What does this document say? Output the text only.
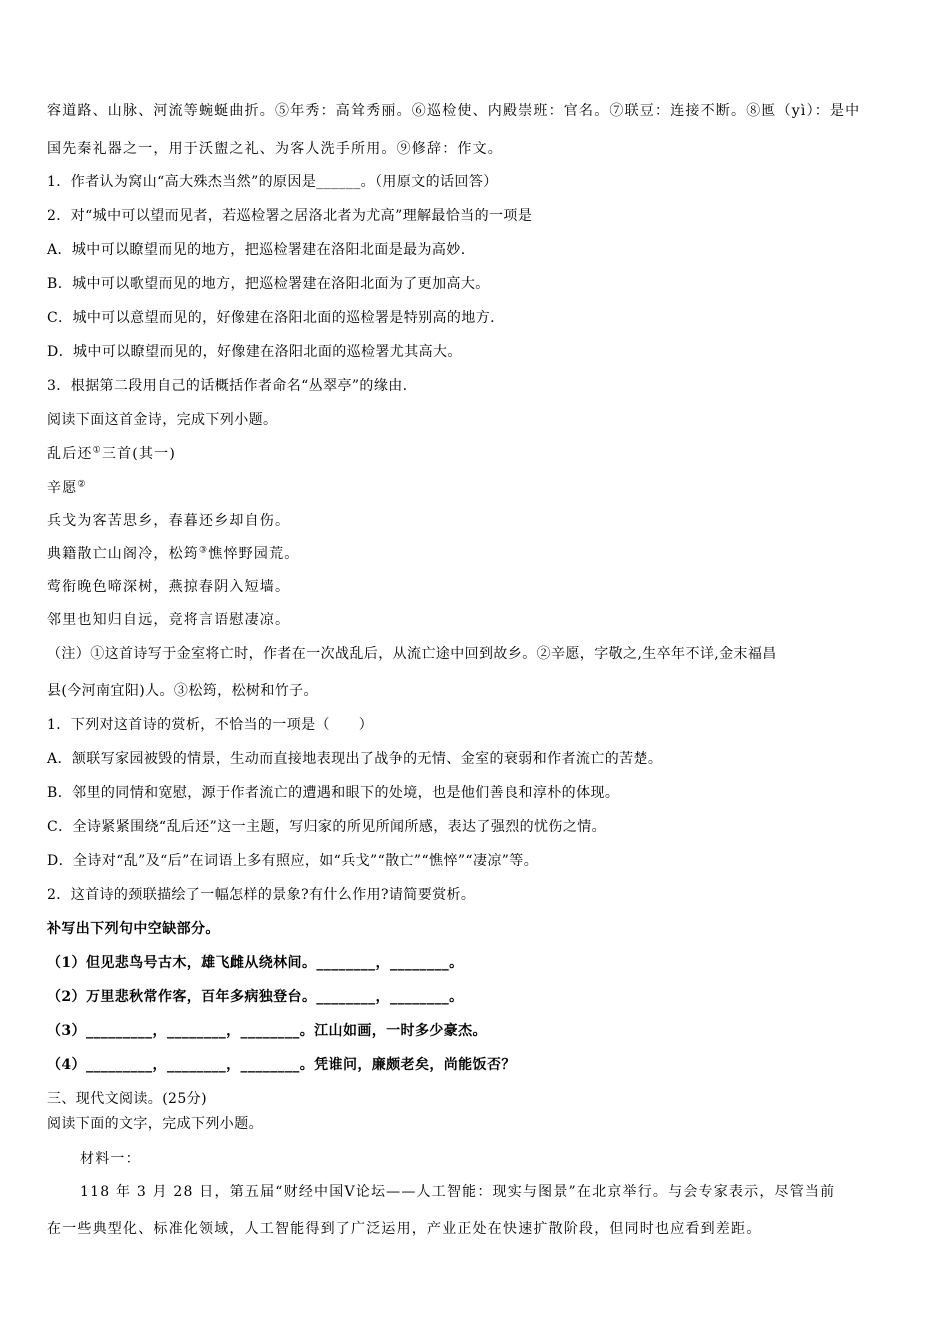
容道路、山脉、河流等蜿蜒曲折。⑤年秀：高耸秀丽。⑥巡检使、内殿崇班：官名。⑦联豆：连接不断。⑧匜（yì）：是中
国先秦礼器之一，用于沃盥之礼、为客人洗手所用。⑨修辞：作文。
1．作者认为窝山“高大殊杰当然”的原因是______。（用原文的话回答）
2．对“城中可以望而见者，若巡检署之居洛北者为尤高”理解最恰当的一项是
A．城中可以瞭望而见的地方，把巡检署建在洛阳北面是最为高妙.
B．城中可以歌望而见的地方，把巡检署建在洛阳北面为了更加高大。
C．城中可以意望而见的，好像建在洛阳北面的巡检署是特别高的地方.
D．城中可以瞭望而见的，好像建在洛阳北面的巡检署尤其高大。
3．根据第二段用自己的话概括作者命名“丛翠亭”的缘由.
阅读下面这首金诗，完成下列小题。
乱后还①三首(其一)
辛愿②
兵戈为客苦思乡，春暮还乡却自伤。
典籍散亡山阁冷，松筠③憔悴野园荒。
莺衔晚色啼深树，燕掠春阴入短墙。
邻里也知归自远，竞将言语慰凄凉。
（注）①这首诗写于金室将亡时，作者在一次战乱后，从流亡途中回到故乡。②辛愿，字敬之,生卒年不详,金末福昌
县(今河南宜阳)人。③松筠，松树和竹子。
1．下列对这首诗的赏析，不恰当的一项是（　　）
A．颔联写家园被毁的情景，生动而直接地表现出了战争的无情、金室的衰弱和作者流亡的苦楚。
B．邻里的同情和宽慰，源于作者流亡的遭遇和眼下的处境，也是他们善良和淳朴的体现。
C．全诗紧紧围绕“乱后还”这一主题，写归家的所见所闻所感，表达了强烈的忧伤之情。
D．全诗对“乱”及“后”在词语上多有照应，如“兵戈”“散亡”“憔悴”“凄凉”等。
2．这首诗的颈联描绘了一幅怎样的景象?有什么作用?请简要赏析。
补写出下列句中空缺部分。
（1）但见悲鸟号古木，雄飞雌从绕林间。________，________。
（2）万里悲秋常作客，百年多病独登台。________，________。
（3）_________，________，________。江山如画，一时多少豪杰。
（4）_________，________，________。凭谁问，廉颇老矣，尚能饭否？
三、现代文阅读。(25分)
阅读下面的文字，完成下列小题。
材料一：
118 年 3 月 28 日，第五届“财经中国Ⅴ论坛——人工智能：现实与图景”在北京举行。与会专家表示，尽管当前
在一些典型化、标准化领域，人工智能得到了广泛运用，产业正处在快速扩散阶段，但同时也应看到差距。
